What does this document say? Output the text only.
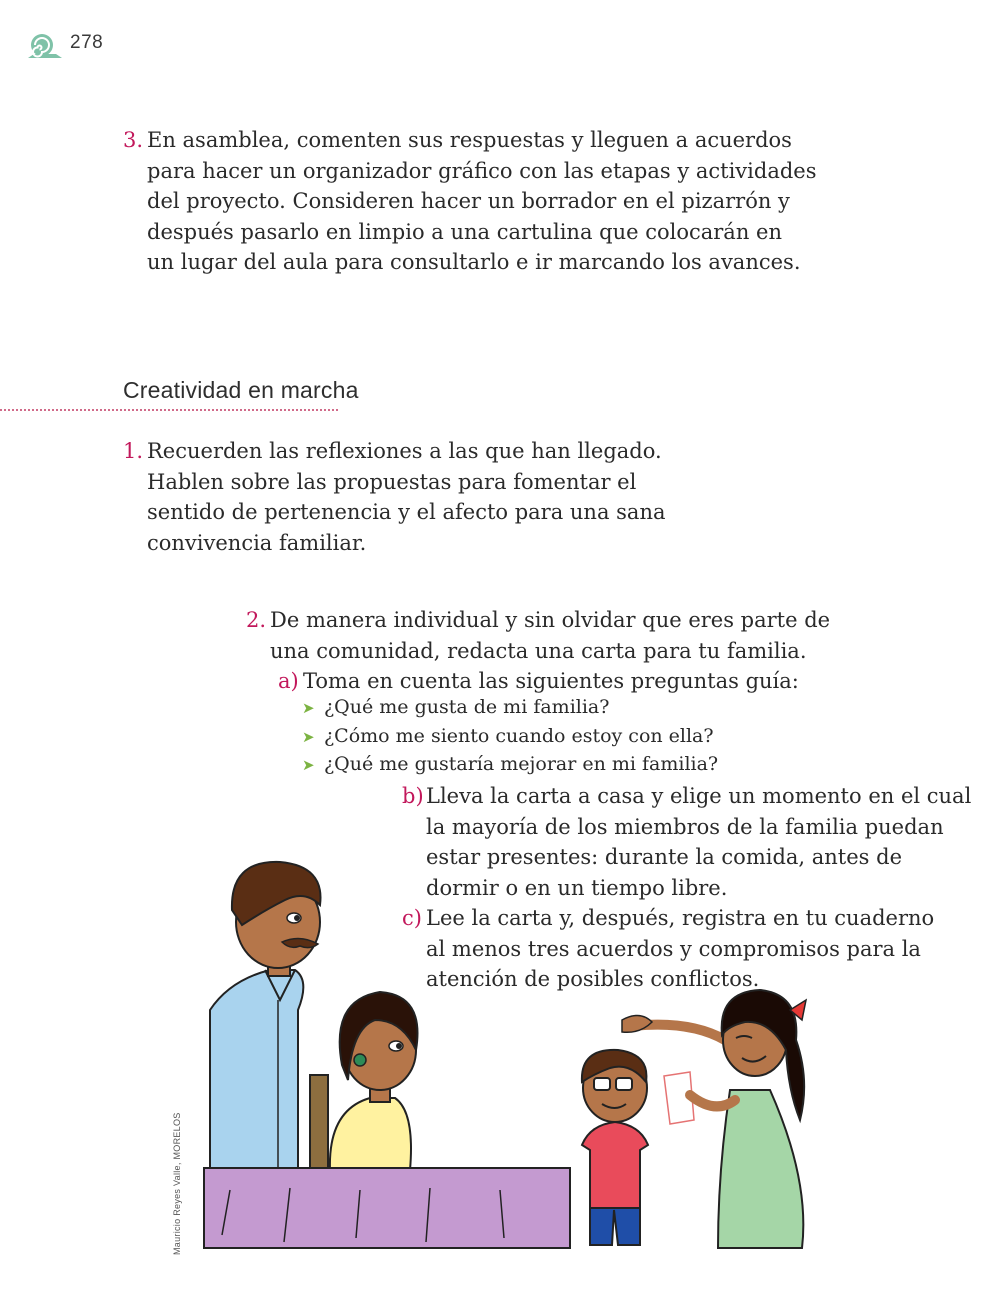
278
3. En asamblea, comenten sus respuestas y lleguen a acuerdos
para hacer un organizador gráfico con las etapas y actividades
del proyecto. Consideren hacer un borrador en el pizarrón y
después pasarlo en limpio a una cartulina que colocarán en
un lugar del aula para consultarlo e ir marcando los avances.
Creatividad en marcha
1. Recuerden las reflexiones a las que han llegado.
Hablen sobre las propuestas para fomentar el
sentido de pertenencia y el afecto para una sana
convivencia familiar.
2. De manera individual y sin olvidar que eres parte de
una comunidad, redacta una carta para tu familia.
a) Toma en cuenta las siguientes preguntas guía:
➤ ¿Qué me gusta de mi familia?
➤ ¿Cómo me siento cuando estoy con ella?
➤ ¿Qué me gustaría mejorar en mi familia?
b) Lleva la carta a casa y elige un momento en el cual
la mayoría de los miembros de la familia puedan
estar presentes: durante la comida, antes de
dormir o en un tiempo libre.
c) Lee la carta y, después, registra en tu cuaderno
al menos tres acuerdos y compromisos para la
atención de posibles conflictos.
Mauricio Reyes Valle, MORELOS
